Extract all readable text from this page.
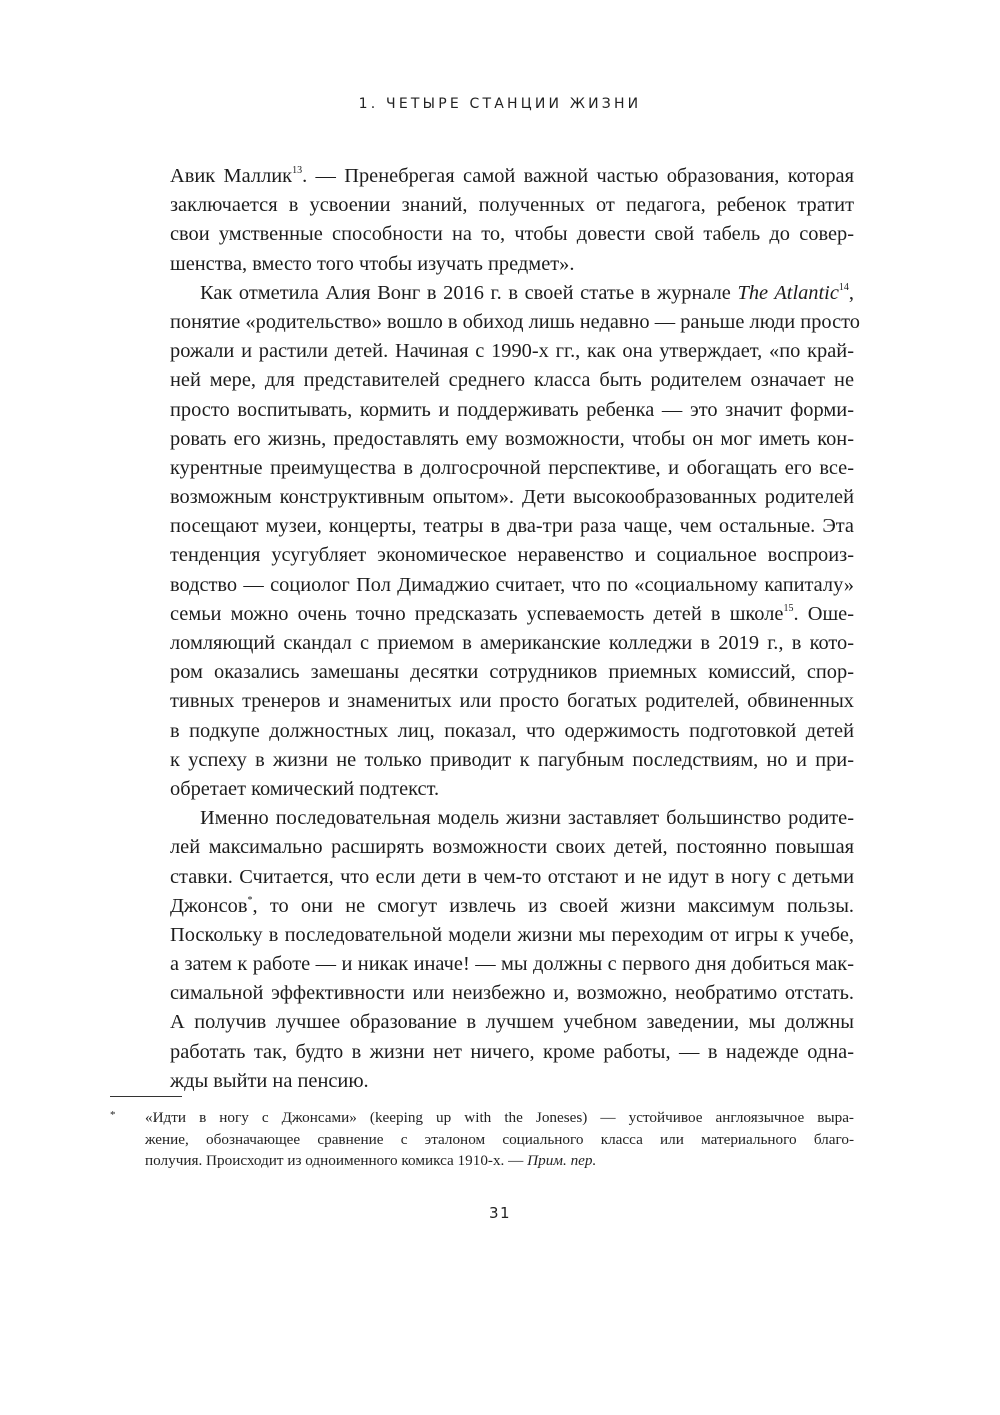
1. ЧЕТЫРЕ СТАНЦИИ ЖИЗНИ
Авик Маллик$^{13}$. — Пренебрегая самой важной частью образования, которая
заключается в усвоении знаний, полученных от педагога, ребенок тратит
свои умственные способности на то, чтобы довести свой табель до совер-
шенства, вместо того чтобы изучать предмет».
Как отметила Алия Вонг в 2016 г. в своей статье в журнале The Atlantic$^{14}$,
понятие «родительство» вошло в обиход лишь недавно — раньше люди просто
рожали и растили детей. Начиная с 1990-х гг., как она утверждает, «по край-
ней мере, для представителей среднего класса быть родителем означает не
просто воспитывать, кормить и поддерживать ребенка — это значит форми-
ровать его жизнь, предоставлять ему возможности, чтобы он мог иметь кон-
курентные преимущества в долгосрочной перспективе, и обогащать его все-
возможным конструктивным опытом». Дети высокообразованных родителей
посещают музеи, концерты, театры в два-три раза чаще, чем остальные. Эта
тенденция усугубляет экономическое неравенство и социальное воспроиз-
водство — социолог Пол Димаджио считает, что по «социальному капиталу»
семьи можно очень точно предсказать успеваемость детей в школе$^{15}$. Оше-
ломляющий скандал с приемом в американские колледжи в 2019 г., в кото-
ром оказались замешаны десятки сотрудников приемных комиссий, спор-
тивных тренеров и знаменитых или просто богатых родителей, обвиненных
в подкупе должностных лиц, показал, что одержимость подготовкой детей
к успеху в жизни не только приводит к пагубным последствиям, но и при-
обретает комический подтекст.
Именно последовательная модель жизни заставляет большинство родите-
лей максимально расширять возможности своих детей, постоянно повышая
ставки. Считается, что если дети в чем-то отстают и не идут в ногу с детьми
Джонсов*, то они не смогут извлечь из своей жизни максимум пользы.
Поскольку в последовательной модели жизни мы переходим от игры к учебе,
а затем к работе — и никак иначе! — мы должны с первого дня добиться мак-
симальной эффективности или неизбежно и, возможно, необратимо отстать.
А получив лучшее образование в лучшем учебном заведении, мы должны
работать так, будто в жизни нет ничего, кроме работы, — в надежде одна-
жды выйти на пенсию.
* «Идти в ногу с Джонсами» (keeping up with the Joneses) — устойчивое англоязычное выра-
жение, обозначающее сравнение с эталоном социального класса или материального благо-
получия. Происходит из одноименного комикса 1910-х. — Прим. пер.
31
